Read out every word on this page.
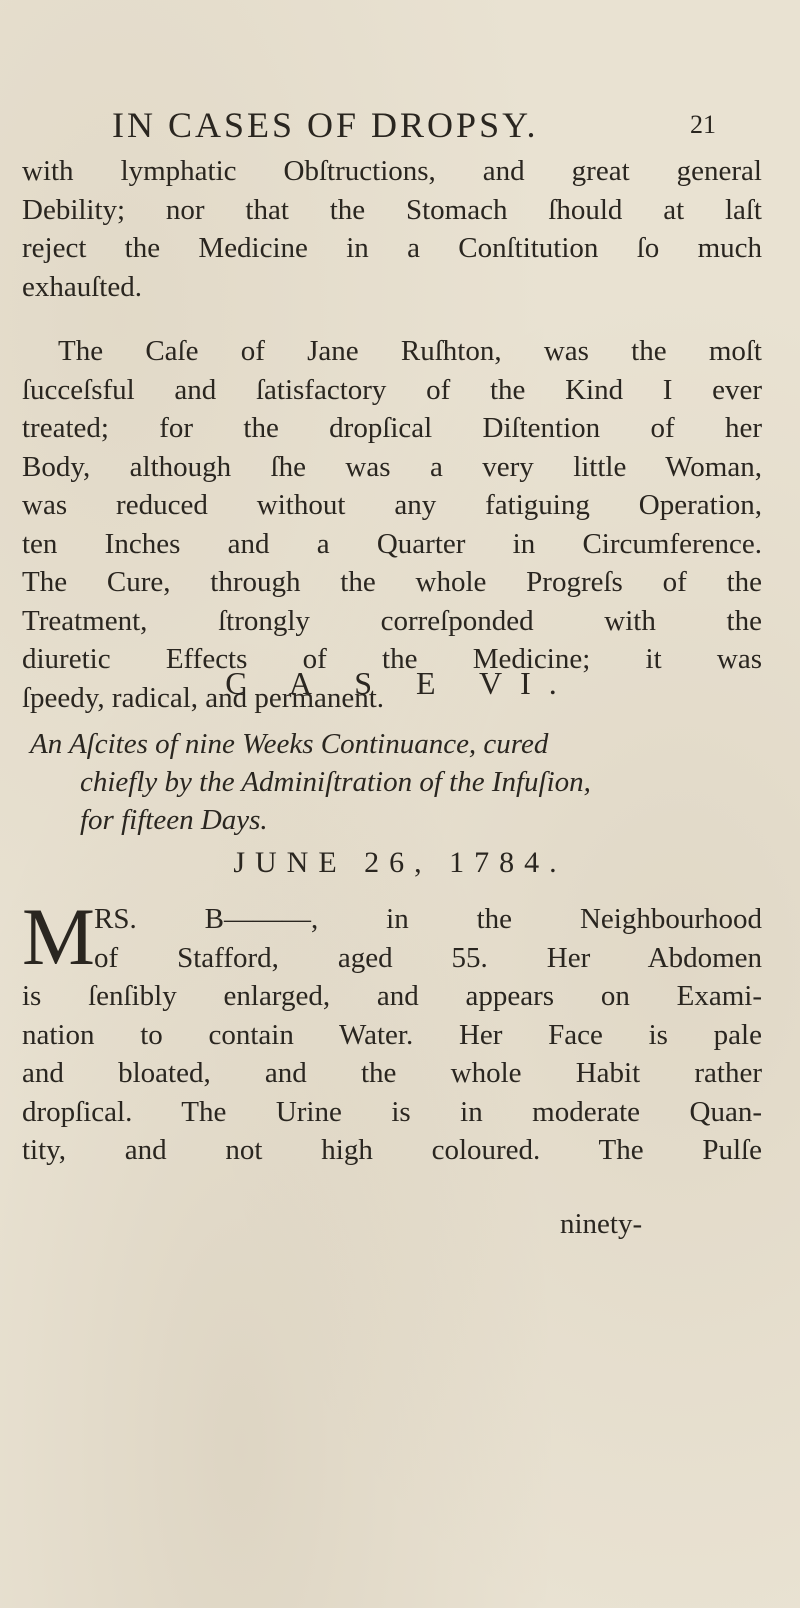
IN CASES OF DROPSY.	21
with lymphatic Obſtructions, and great general
Debility; nor that the Stomach ſhould at laſt
reject the Medicine in a Conſtitution ſo much
exhauſted.
The Caſe of Jane Ruſhton, was the moſt
ſucceſsful and ſatisfactory of the Kind I ever
treated; for the dropſical Diſtention of her
Body, although ſhe was a very little Woman,
was reduced without any fatiguing Operation,
ten Inches and a Quarter in Circumference.
The Cure, through the whole Progreſs of the
Treatment, ſtrongly correſponded with the
diuretic Effects of the Medicine; it was
ſpeedy, radical, and permanent.
C A S E VI.
An Aſcites of nine Weeks Continuance, cured
chiefly by the Adminiſtration of the Infuſion,
for fifteen Days.
JUNE 26, 1784.
M RS. B———, in the Neighbourhood
of Stafford, aged 55. Her Abdomen
is ſenſibly enlarged, and appears on Exami-
nation to contain Water. Her Face is pale
and bloated, and the whole Habit rather
dropſical. The Urine is in moderate Quan-
tity, and not high coloured. The Pulſe
ninety-
